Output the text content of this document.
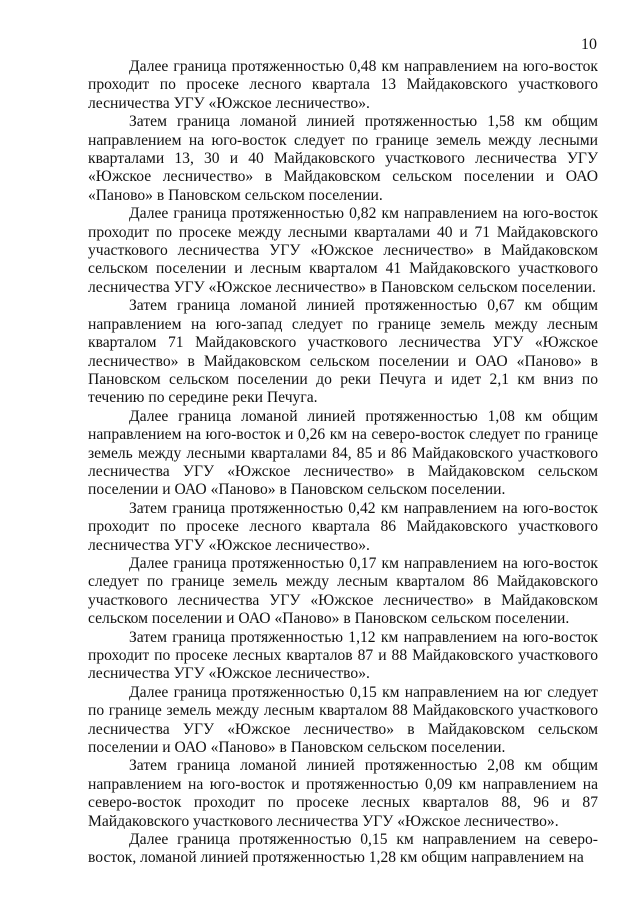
10

Далее граница протяженностью 0,48 км направлением на юго-восток проходит по просеке лесного квартала 13 Майдаковского участкового лесничества УГУ «Южское лесничество».

Затем граница ломаной линией протяженностью 1,58 км общим направлением на юго-восток следует по границе земель между лесными кварталами 13, 30 и 40 Майдаковского участкового лесничества УГУ «Южское лесничество» в Майдаковском сельском поселении и ОАО «Паново» в Пановском сельском поселении.

Далее граница протяженностью 0,82 км направлением на юго-восток проходит по просеке между лесными кварталами 40 и 71 Майдаковского участкового лесничества УГУ «Южское лесничество» в Майдаковском сельском поселении и лесным кварталом 41 Майдаковского участкового лесничества УГУ «Южское лесничество» в Пановском сельском поселении.

Затем граница ломаной линией протяженностью 0,67 км общим направлением на юго-запад следует по границе земель между лесным кварталом 71 Майдаковского участкового лесничества УГУ «Южское лесничество» в Майдаковском сельском поселении и ОАО «Паново» в Пановском сельском поселении до реки Печуга и идет 2,1 км вниз по течению по середине реки Печуга.

Далее граница ломаной линией протяженностью 1,08 км общим направлением на юго-восток и 0,26 км на северо-восток следует по границе земель между лесными кварталами 84, 85 и 86 Майдаковского участкового лесничества УГУ «Южское лесничество» в Майдаковском сельском поселении и ОАО «Паново» в Пановском сельском поселении.

Затем граница протяженностью 0,42 км направлением на юго-восток проходит по просеке лесного квартала 86 Майдаковского участкового лесничества УГУ «Южское лесничество».

Далее граница протяженностью 0,17 км направлением на юго-восток следует по границе земель между лесным кварталом 86 Майдаковского участкового лесничества УГУ «Южское лесничество» в Майдаковском сельском поселении и ОАО «Паново» в Пановском сельском поселении.

Затем граница протяженностью 1,12 км направлением на юго-восток проходит по просеке лесных кварталов 87 и 88 Майдаковского участкового лесничества УГУ «Южское лесничество».

Далее граница протяженностью 0,15 км направлением на юг следует по границе земель между лесным кварталом 88 Майдаковского участкового лесничества УГУ «Южское лесничество» в Майдаковском сельском поселении и ОАО «Паново» в Пановском сельском поселении.

Затем граница ломаной линией протяженностью 2,08 км общим направлением на юго-восток и протяженностью 0,09 км направлением на северо-восток проходит по просеке лесных кварталов 88, 96 и 87 Майдаковского участкового лесничества УГУ «Южское лесничество».

Далее граница протяженностью 0,15 км направлением на северо-восток, ломаной линией протяженностью 1,28 км общим направлением на
